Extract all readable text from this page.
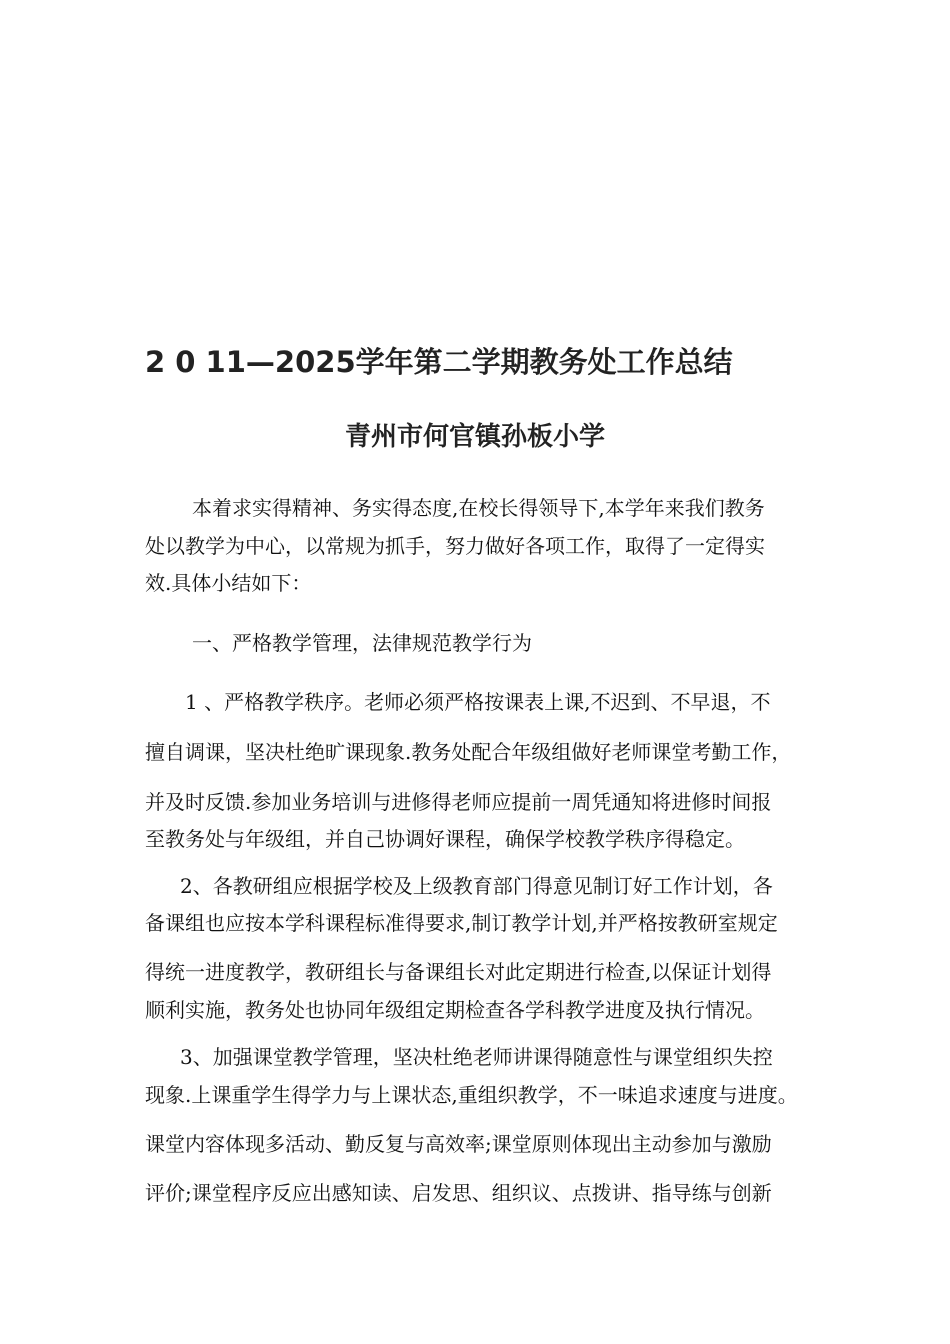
2 0 11—2025学年第二学期教务处工作总结
青州市何官镇孙板小学
本着求实得精神、务实得态度,在校长得领导下,本学年来我们教务
处以教学为中心，以常规为抓手，努力做好各项工作，取得了一定得实
效.具体小结如下：
一、严格教学管理，法律规范教学行为
1 、严格教学秩序。老师必须严格按课表上课,不迟到、不早退，不
擅自调课，坚决杜绝旷课现象.教务处配合年级组做好老师课堂考勤工作，
并及时反馈.参加业务培训与进修得老师应提前一周凭通知将进修时间报
至教务处与年级组，并自己协调好课程，确保学校教学秩序得稳定。
2、各教研组应根据学校及上级教育部门得意见制订好工作计划，各
备课组也应按本学科课程标准得要求,制订教学计划,并严格按教研室规定
得统一进度教学，教研组长与备课组长对此定期进行检查,以保证计划得
顺利实施，教务处也协同年级组定期检查各学科教学进度及执行情况。
3、加强课堂教学管理，坚决杜绝老师讲课得随意性与课堂组织失控
现象.上课重学生得学力与上课状态,重组织教学，不一味追求速度与进度。
课堂内容体现多活动、勤反复与高效率;课堂原则体现出主动参加与激励
评价;课堂程序反应出感知读、启发思、组织议、点拨讲、指导练与创新
